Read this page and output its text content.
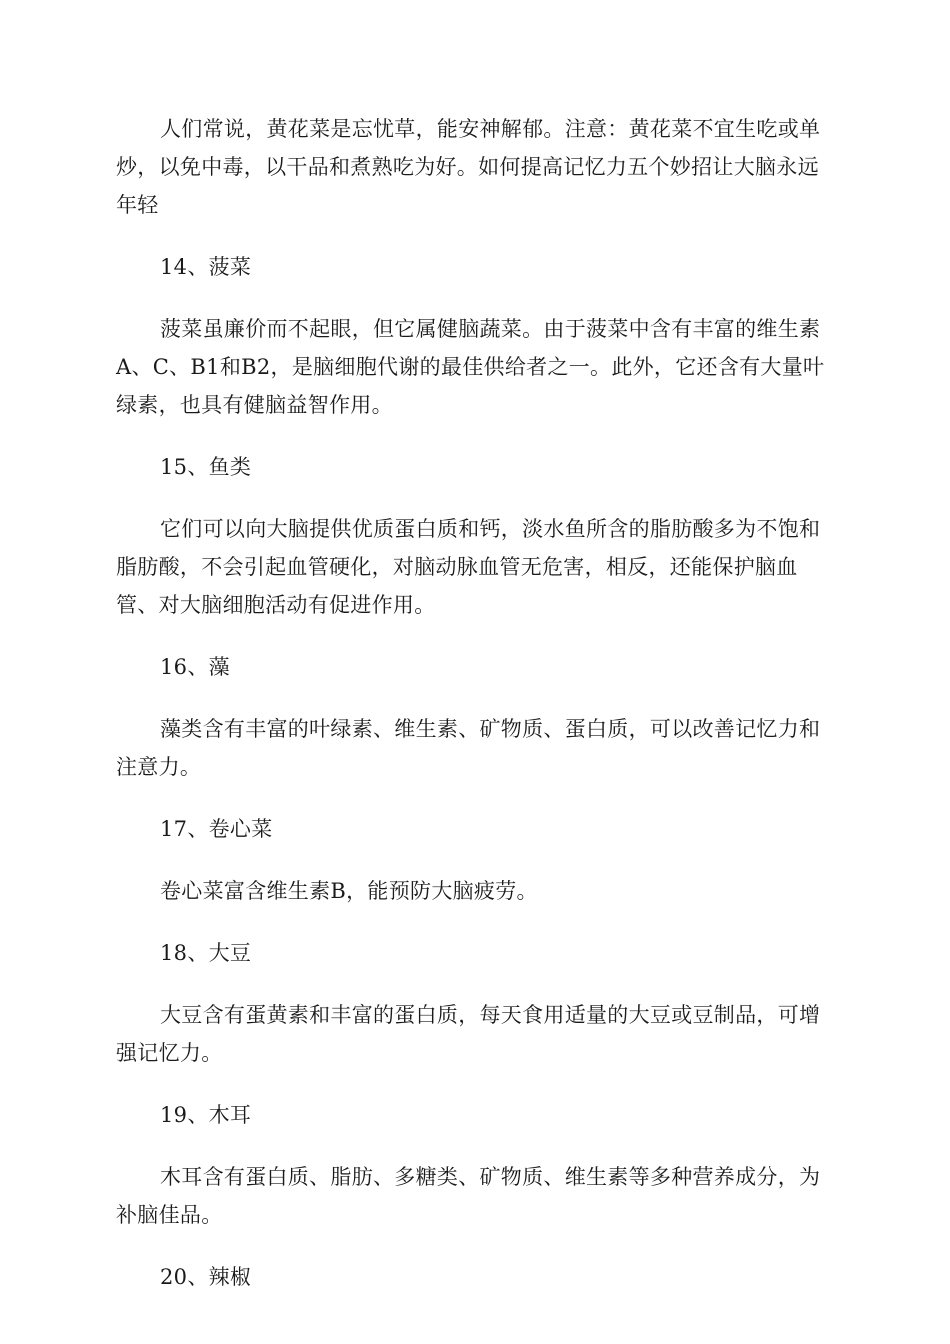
人们常说，黄花菜是忘忧草，能安神解郁。注意：黄花菜不宜生吃或单炒，以免中毒，以干品和煮熟吃为好。如何提高记忆力五个妙招让大脑永远年轻

14、菠菜

菠菜虽廉价而不起眼，但它属健脑蔬菜。由于菠菜中含有丰富的维生素A、C、B1和B2，是脑细胞代谢的最佳供给者之一。此外，它还含有大量叶绿素，也具有健脑益智作用。

15、鱼类

它们可以向大脑提供优质蛋白质和钙，淡水鱼所含的脂肪酸多为不饱和脂肪酸，不会引起血管硬化，对脑动脉血管无危害，相反，还能保护脑血管、对大脑细胞活动有促进作用。

16、藻

藻类含有丰富的叶绿素、维生素、矿物质、蛋白质，可以改善记忆力和注意力。

17、卷心菜

卷心菜富含维生素B，能预防大脑疲劳。

18、大豆

大豆含有蛋黄素和丰富的蛋白质，每天食用适量的大豆或豆制品，可增强记忆力。

19、木耳

木耳含有蛋白质、脂肪、多糖类、矿物质、维生素等多种营养成分，为补脑佳品。

20、辣椒
